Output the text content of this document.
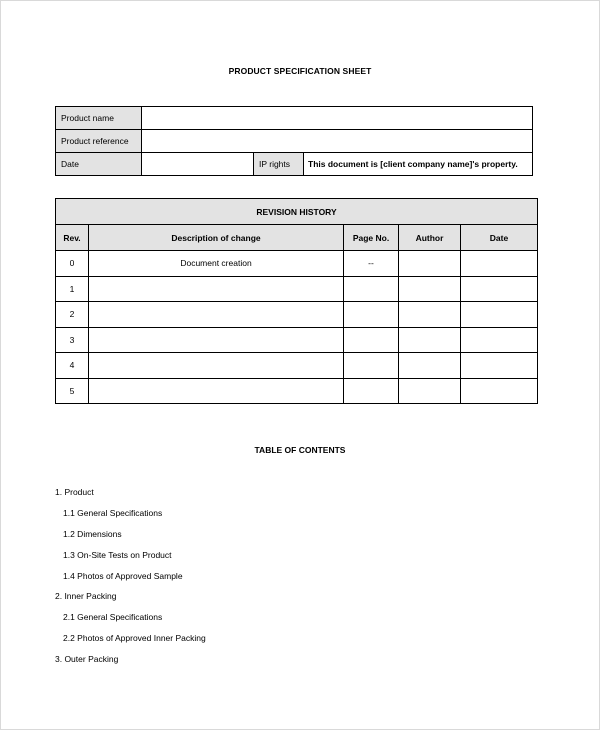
PRODUCT SPECIFICATION SHEET
Product name	
Product reference	
Date		IP rights	This document is [client company name]'s property.
REVISION HISTORY
Rev.	Description of change	Page No.	Author	Date
0	Document creation	--		
1				
2				
3				
4				
5				
TABLE OF CONTENTS
1. Product
1.1 General Specifications
1.2 Dimensions
1.3 On-Site Tests on Product
1.4 Photos of Approved Sample
2. Inner Packing
2.1 General Specifications
2.2 Photos of Approved Inner Packing
3. Outer Packing
